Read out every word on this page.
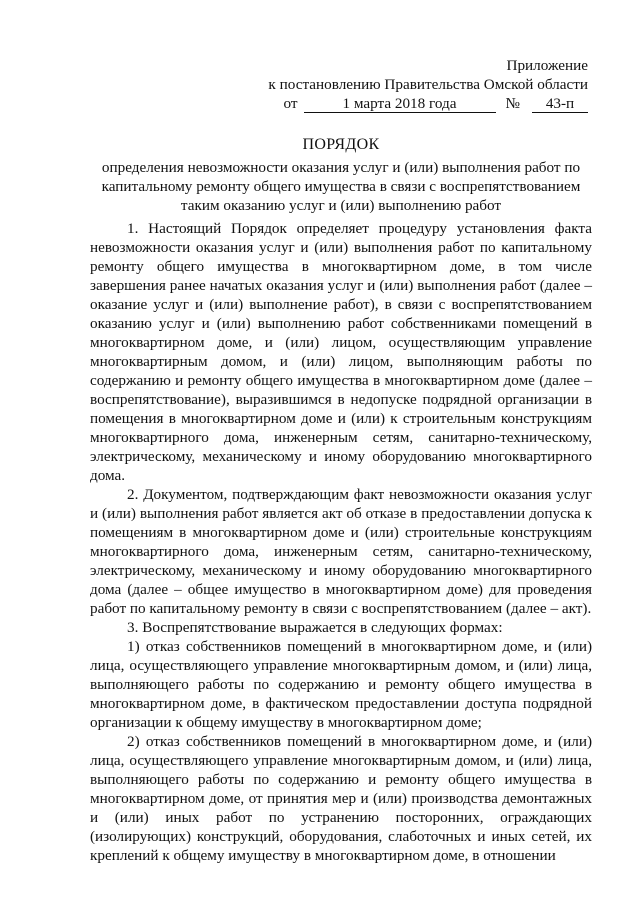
Приложение
к постановлению Правительства Омской области
от	1 марта 2018 года	№	43-п
ПОРЯДОК
определения невозможности оказания услуг и (или) выполнения работ по
капитальному ремонту общего имущества в связи с воспрепятствованием
таким оказанию услуг и (или) выполнению работ

1. Настоящий Порядок определяет процедуру установления факта невозможности оказания услуг и (или) выполнения работ по капитальному ремонту общего имущества в многоквартирном доме, в том числе завершения ранее начатых оказания услуг и (или) выполнения работ (далее – оказание услуг и (или) выполнение работ), в связи с воспрепятствованием оказанию услуг и (или) выполнению работ собственниками помещений в многоквартирном доме, и (или) лицом, осуществляющим управление многоквартирным домом, и (или) лицом, выполняющим работы по содержанию и ремонту общего имущества в многоквартирном доме (далее – воспрепятствование), выразившимся в недопуске подрядной организации в помещения в многоквартирном доме и (или) к строительным конструкциям многоквартирного дома, инженерным сетям, санитарно-техническому, электрическому, механическому и иному оборудованию многоквартирного дома.

2. Документом, подтверждающим факт невозможности оказания услуг и (или) выполнения работ является акт об отказе в предоставлении допуска к помещениям в многоквартирном доме и (или) строительные конструкциям многоквартирного дома, инженерным сетям, санитарно-техническому, электрическому, механическому и иному оборудованию многоквартирного дома (далее – общее имущество в многоквартирном доме) для проведения работ по капитальному ремонту в связи с воспрепятствованием (далее – акт).

3. Воспрепятствование выражается в следующих формах:

1) отказ собственников помещений в многоквартирном доме, и (или) лица, осуществляющего управление многоквартирным домом, и (или) лица, выполняющего работы по содержанию и ремонту общего имущества в многоквартирном доме, в фактическом предоставлении доступа подрядной организации к общему имуществу в многоквартирном доме;

2) отказ собственников помещений в многоквартирном доме, и (или) лица, осуществляющего управление многоквартирным домом, и (или) лица, выполняющего работы по содержанию и ремонту общего имущества в многоквартирном доме, от принятия мер и (или) производства демонтажных и (или) иных работ по устранению посторонних, ограждающих (изолирующих) конструкций, оборудования, слаботочных и иных сетей, их креплений к общему имуществу в многоквартирном доме, в отношении
